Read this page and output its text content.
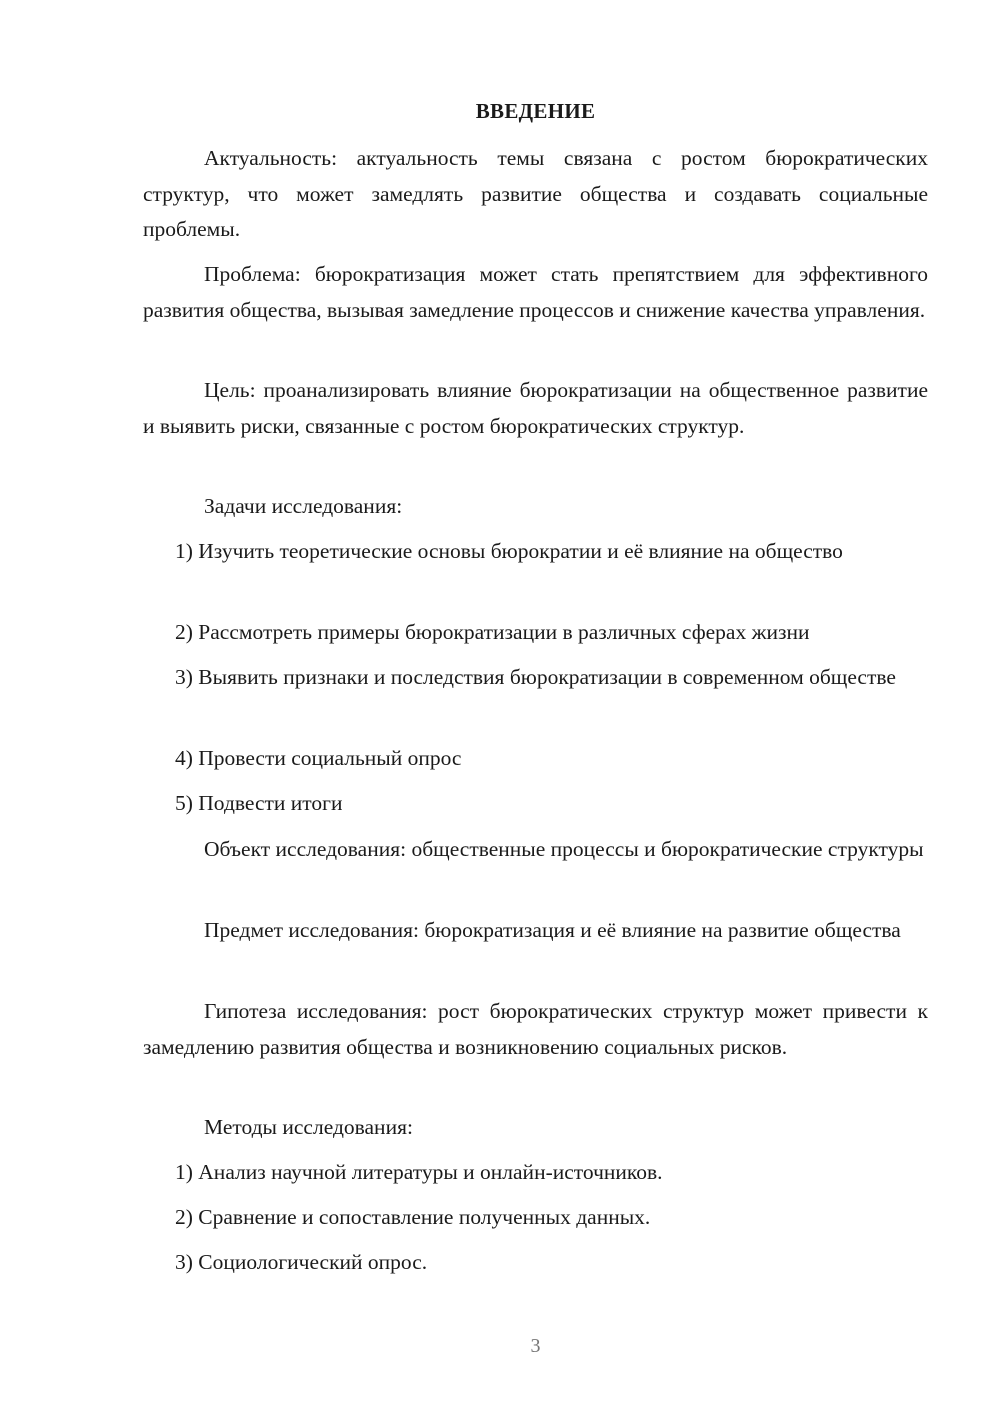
ВВЕДЕНИЕ
Актуальность: актуальность темы связана с ростом бюрократических структур, что может замедлять развитие общества и создавать социальные проблемы.
Проблема: бюрократизация может стать препятствием для эффективного развития общества, вызывая замедление процессов и снижение качества управления.
Цель: проанализировать влияние бюрократизации на общественное развитие и выявить риски, связанные с ростом бюрократических структур.
Задачи исследования:
1) Изучить теоретические основы бюрократии и её влияние на общество
2) Рассмотреть примеры бюрократизации в различных сферах жизни
3) Выявить признаки и последствия бюрократизации в современном обществе
4) Провести социальный опрос
5) Подвести итоги
Объект исследования: общественные процессы и бюрократические структуры
Предмет исследования: бюрократизация и её влияние на развитие общества
Гипотеза исследования: рост бюрократических структур может привести к замедлению развития общества и возникновению социальных рисков.
Методы исследования:
1) Анализ научной литературы и онлайн-источников.
2) Сравнение и сопоставление полученных данных.
3) Социологический опрос.
3
